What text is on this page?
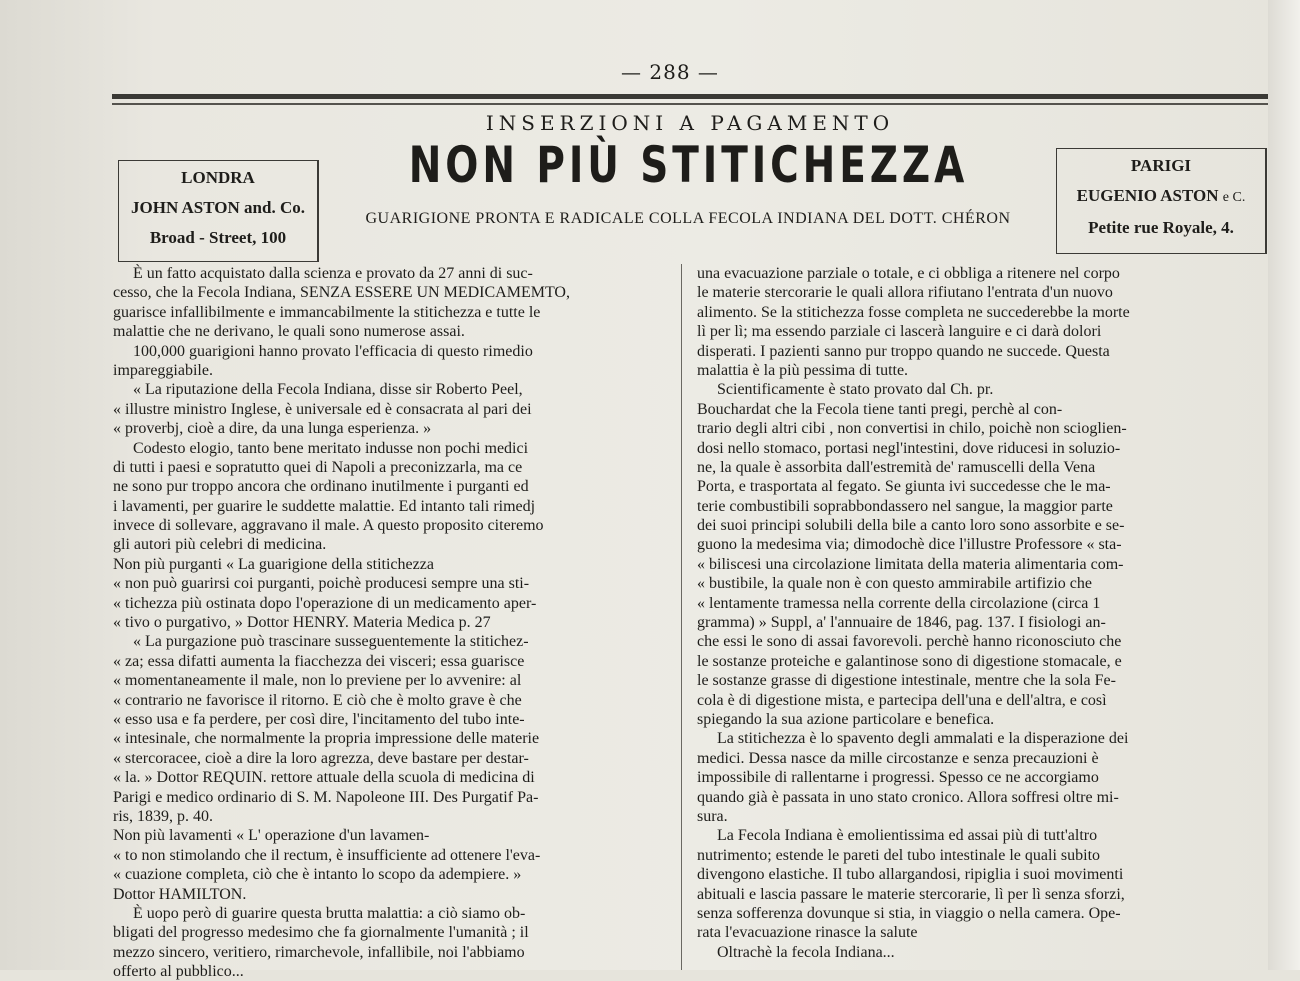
— 288 —
INSERZIONI A PAGAMENTO
LONDRA
JOHN ASTON and. Co.
Broad - Street, 100
NON PIÙ STITICHEZZA
GUARIGIONE PRONTA E RADICALE COLLA FECOLA INDIANA DEL DOTT. CHÉRON
PARIGI
EUGENIO ASTON e C.
Petite rue Royale, 4.
È un fatto acquistato dalla scienza e provato da 27 anni di suc-
cesso, che la Fecola Indiana, SENZA ESSERE UN MEDICAMEMTO,
guarisce infallibilmente e immancabilmente la stitichezza e tutte le
malattie che ne derivano, le quali sono numerose assai.
100,000 guarigioni hanno provato l'efficacia di questo rimedio
impareggiabile.
« La riputazione della Fecola Indiana, disse sir Roberto Peel,
« illustre ministro Inglese, è universale ed è consacrata al pari dei
« proverbj, cioè a dire, da una lunga esperienza. »
Codesto elogio, tanto bene meritato indusse non pochi medici
di tutti i paesi e sopratutto quei di Napoli a preconizzarla, ma ce
ne sono pur troppo ancora che ordinano inutilmente i purganti ed
i lavamenti, per guarire le suddette malattie. Ed intanto tali rimedj
invece di sollevare, aggravano il male. A questo proposito citeremo
gli autori più celebri di medicina.
Non più purganti « La guarigione della stitichezza
« non può guarirsi coi purganti, poichè producesi sempre una sti-
« tichezza più ostinata dopo l'operazione di un medicamento aper-
« tivo o purgativo, » Dottor HENRY. Materia Medica p. 27
« La purgazione può trascinare susseguentemente la stitichez-
« za; essa difatti aumenta la fiacchezza dei visceri; essa guarisce
« momentaneamente il male, non lo previene per lo avvenire: al
« contrario ne favorisce il ritorno. E ciò che è molto grave è che
« esso usa e fa perdere, per così dire, l'incitamento del tubo inte-
« intesinale, che normalmente la propria impressione delle materie
« stercoracee, cioè a dire la loro agrezza, deve bastare per destar-
« la. » Dottor REQUIN. rettore attuale della scuola di medicina di
Parigi e medico ordinario di S. M. Napoleone III. Des Purgatif Pa-
ris, 1839, p. 40.
Non più lavamenti « L' operazione d'un lavamen-
« to non stimolando che il rectum, è insufficiente ad ottenere l'eva-
« cuazione completa, ciò che è intanto lo scopo da adempiere. »
Dottor HAMILTON.
È uopo però di guarire questa brutta malattia: a ciò siamo ob-
bligati del progresso medesimo che fa giornalmente l'umanità ; il
mezzo sincero, veritiero, rimarchevole, infallibile, noi l'abbiamo
offerto al pubblico...
una evacuazione parziale o totale, e ci obbliga a ritenere nel corpo
le materie stercorarie le quali allora rifiutano l'entrata d'un nuovo
alimento. Se la stitichezza fosse completa ne succederebbe la morte
lì per lì; ma essendo parziale ci lascerà languire e ci darà dolori
disperati. I pazienti sanno pur troppo quando ne succede. Questa
malattia è la più pessima di tutte.
Scientificamente è stato provato dal Ch. pr.
Bouchardat che la Fecola tiene tanti pregi, perchè al con-
trario degli altri cibi , non convertisi in chilo, poichè non scioglien-
dosi nello stomaco, portasi negl'intestini, dove riducesi in soluzio-
ne, la quale è assorbita dall'estremità de' ramuscelli della Vena
Porta, e trasportata al fegato. Se giunta ivi succedesse che le ma-
terie combustibili soprabbondassero nel sangue, la maggior parte
dei suoi principi solubili della bile a canto loro sono assorbite e se-
guono la medesima via; dimodochè dice l'illustre Professore « sta-
« biliscesi una circolazione limitata della materia alimentaria com-
« bustibile, la quale non è con questo ammirabile artifizio che
« lentamente tramessa nella corrente della circolazione (circa 1
gramma) » Suppl, a' l'annuaire de 1846, pag. 137. I fisiologi an-
che essi le sono di assai favorevoli. perchè hanno riconosciuto che
le sostanze proteiche e galantinose sono di digestione stomacale, e
le sostanze grasse di digestione intestinale, mentre che la sola Fe-
cola è di digestione mista, e partecipa dell'una e dell'altra, e così
spiegando la sua azione particolare e benefica.
La stitichezza è lo spavento degli ammalati e la disperazione dei
medici. Dessa nasce da mille circostanze e senza precauzioni è
impossibile di rallentarne i progressi. Spesso ce ne accorgiamo
quando già è passata in uno stato cronico. Allora soffresi oltre mi-
sura.
La Fecola Indiana è emolientissima ed assai più di tutt'altro
nutrimento; estende le pareti del tubo intestinale le quali subito
divengono elastiche. Il tubo allargandosi, ripiglia i suoi movimenti
abituali e lascia passare le materie stercorarie, lì per lì senza sforzi,
senza sofferenza dovunque si stia, in viaggio o nella camera. Ope-
rata l'evacuazione rinasce la salute
Oltrachè la fecola Indiana...
